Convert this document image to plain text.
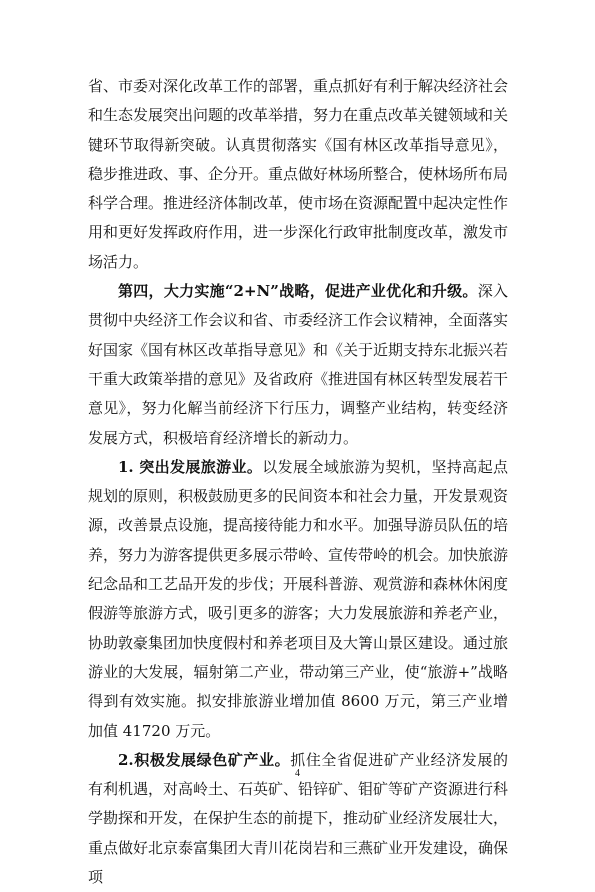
省、市委对深化改革工作的部署，重点抓好有利于解决经济社会和生态发展突出问题的改革举措，努力在重点改革关键领域和关键环节取得新突破。认真贯彻落实《国有林区改革指导意见》，稳步推进政、事、企分开。重点做好林场所整合，使林场所布局科学合理。推进经济体制改革，使市场在资源配置中起决定性作用和更好发挥政府作用，进一步深化行政审批制度改革，激发市场活力。

第四，大力实施“2+N”战略，促进产业优化和升级。深入贯彻中央经济工作会议和省、市委经济工作会议精神，全面落实好国家《国有林区改革指导意见》和《关于近期支持东北振兴若干重大政策举措的意见》及省政府《推进国有林区转型发展若干意见》，努力化解当前经济下行压力，调整产业结构，转变经济发展方式，积极培育经济增长的新动力。

1. 突出发展旅游业。以发展全域旅游为契机，坚持高起点规划的原则，积极鼓励更多的民间资本和社会力量，开发景观资源，改善景点设施，提高接待能力和水平。加强导游员队伍的培养，努力为游客提供更多展示带岭、宣传带岭的机会。加快旅游纪念品和工艺品开发的步伐；开展科普游、观赏游和森林休闲度假游等旅游方式，吸引更多的游客；大力发展旅游和养老产业，协助敦豪集团加快度假村和养老项目及大箐山景区建设。通过旅游业的大发展，辐射第二产业，带动第三产业，使“旅游+”战略得到有效实施。拟安排旅游业增加值 8600 万元，第三产业增加值 41720 万元。

2.积极发展绿色矿产业。抓住全省促进矿产业经济发展的有利机遇，对高岭土、石英矿、铅锌矿、钼矿等矿产资源进行科学勘探和开发，在保护生态的前提下，推动矿业经济发展壮大，重点做好北京泰富集团大青川花岗岩和三燕矿业开发建设，确保项

4
